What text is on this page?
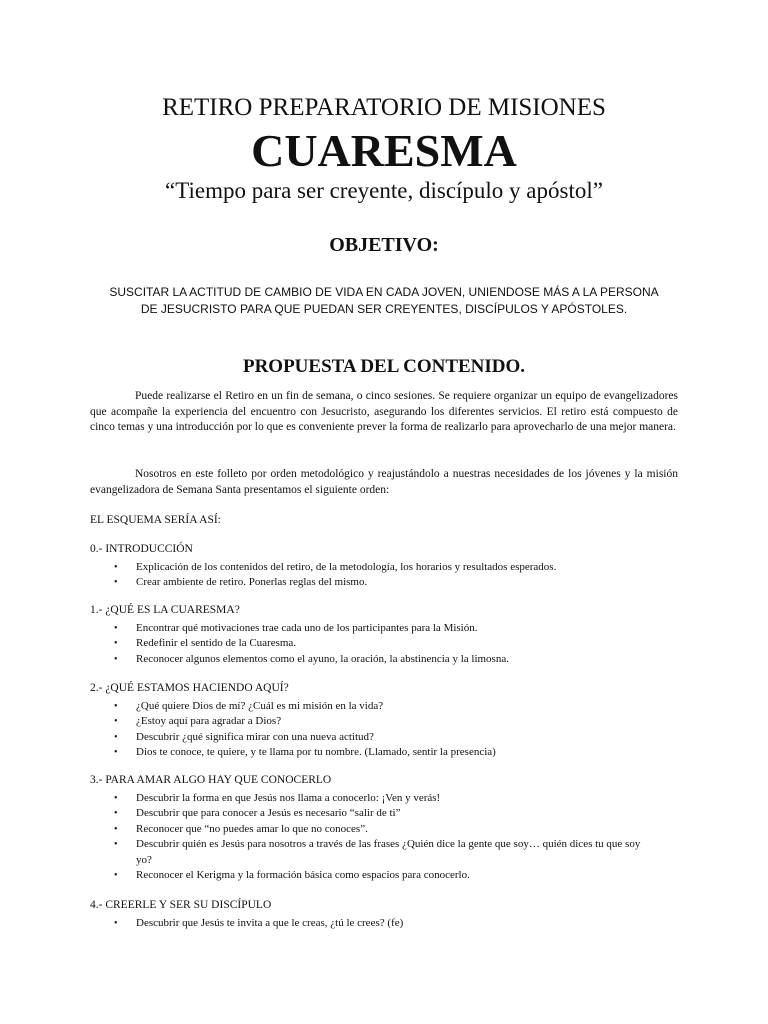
RETIRO PREPARATORIO DE MISIONES
CUARESMA
“Tiempo para ser creyente, discípulo y apóstol”
OBJETIVO:
SUSCITAR LA ACTITUD DE CAMBIO DE VIDA EN CADA JOVEN, UNIENDOSE MÁS A LA PERSONA
DE JESUCRISTO PARA QUE PUEDAN SER CREYENTES, DISCÍPULOS Y APÓSTOLES.
PROPUESTA DEL CONTENIDO.
Puede realizarse el Retiro en un fin de semana, o cinco sesiones. Se requiere organizar un equipo de evangelizadores que acompañe la experiencia del encuentro con Jesucristo, asegurando los diferentes servicios. El retiro está compuesto de cinco temas y una introducción por lo que es conveniente prever la forma de realizarlo para aprovecharlo de una mejor manera.
Nosotros en este folleto por orden metodológico y reajustándolo a nuestras necesidades de los jóvenes y la misión evangelizadora de Semana Santa presentamos el siguiente orden:
EL ESQUEMA SERÍA ASÍ:
0.- INTRODUCCIÓN
• Explicación de los contenidos del retiro, de la metodología, los horarios y resultados esperados.
• Crear ambiente de retiro. Ponerlas reglas del mismo.
1.- ¿QUÉ ES LA CUARESMA?
• Encontrar qué motivaciones trae cada uno de los participantes para la Misión.
• Redefinir el sentido de la Cuaresma.
• Reconocer algunos elementos como el ayuno, la oración, la abstinencia y la limosna.
2.- ¿QUÉ ESTAMOS HACIENDO AQUÍ?
• ¿Qué quiere Dios de mí? ¿Cuál es mi misión en la vida?
• ¿Estoy aquí para agradar a Dios?
• Descubrir ¿qué significa mirar con una nueva actitud?
• Dios te conoce, te quiere, y te llama por tu nombre. (Llamado, sentir la presencia)
3.- PARA AMAR ALGO HAY QUE CONOCERLO
• Descubrir la forma en que Jesús nos llama a conocerlo: ¡Ven y verás!
• Descubrir que para conocer a Jesús es necesario “salir de ti”
• Reconocer que “no puedes amar lo que no conoces”.
• Descubrir quién es Jesús para nosotros a través de las frases ¿Quién dice la gente que soy… quién dices tu que soy yo?
• Reconocer el Kerigma y la formación básica como espacios para conocerlo.
4.- CREERLE Y SER SU DISCÍPULO
• Descubrir que Jesús te invita a que le creas, ¿tú le crees? (fe)
